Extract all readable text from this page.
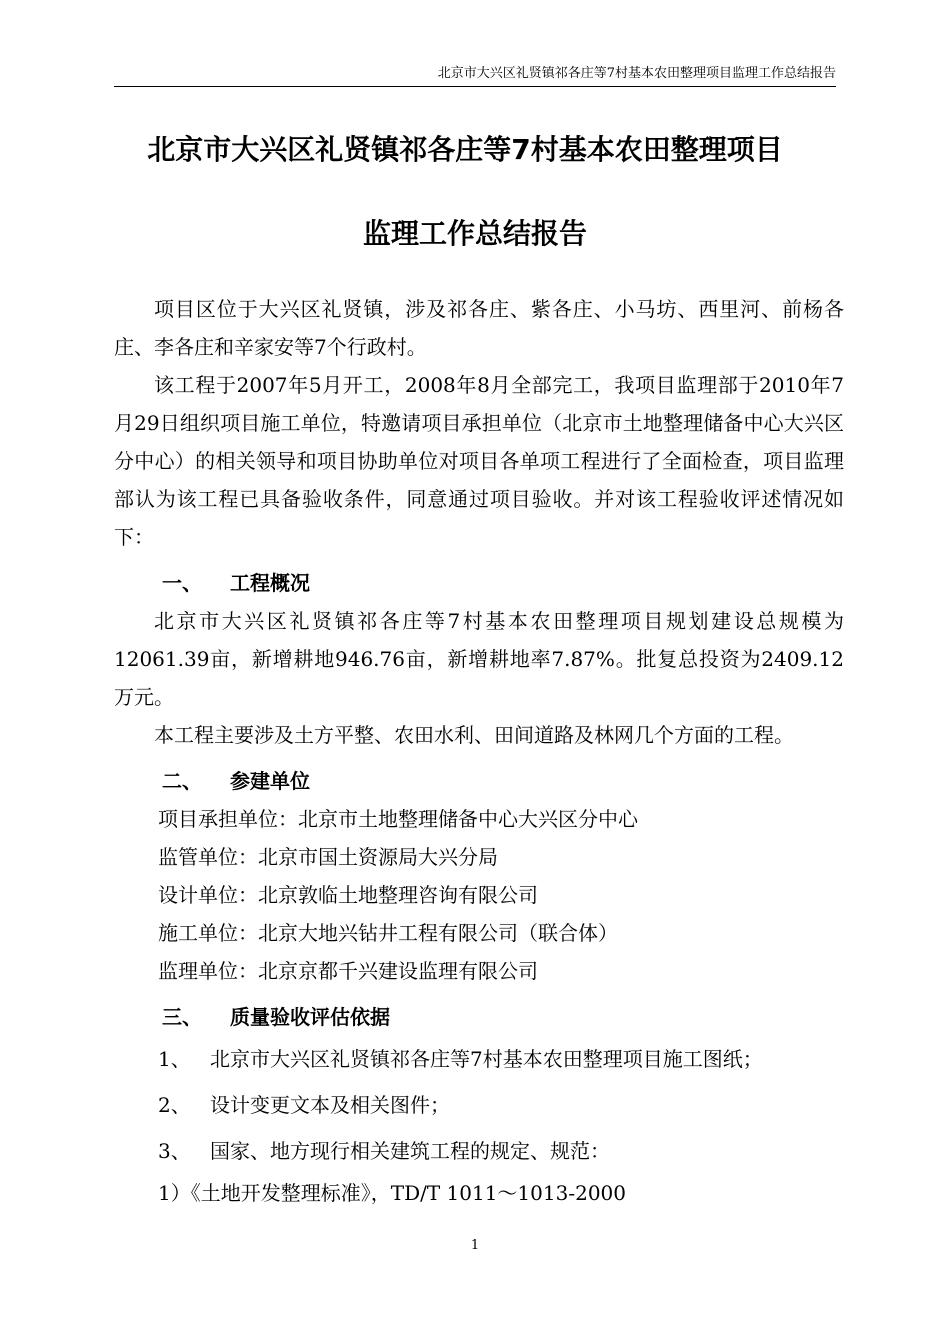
北京市大兴区礼贤镇祁各庄等7村基本农田整理项目监理工作总结报告
北京市大兴区礼贤镇祁各庄等7村基本农田整理项目
监理工作总结报告

项目区位于大兴区礼贤镇，涉及祁各庄、紫各庄、小马坊、西里河、前杨各庄、李各庄和辛家安等7个行政村。

该工程于2007年5月开工，2008年8月全部完工，我项目监理部于2010年7月29日组织项目施工单位，特邀请项目承担单位（北京市土地整理储备中心大兴区分中心）的相关领导和项目协助单位对项目各单项工程进行了全面检查，项目监理部认为该工程已具备验收条件，同意通过项目验收。并对该工程验收评述情况如下：

一、 工程概况

北京市大兴区礼贤镇祁各庄等7村基本农田整理项目规划建设总规模为12061.39亩，新增耕地946.76亩，新增耕地率7.87%。批复总投资为2409.12万元。

本工程主要涉及土方平整、农田水利、田间道路及林网几个方面的工程。

二、 参建单位

项目承担单位：北京市土地整理储备中心大兴区分中心

监管单位：北京市国土资源局大兴分局

设计单位：北京敦临土地整理咨询有限公司

施工单位：北京大地兴钻井工程有限公司（联合体）

监理单位：北京京都千兴建设监理有限公司

三、 质量验收评估依据

1、 北京市大兴区礼贤镇祁各庄等7村基本农田整理项目施工图纸；

2、 设计变更文本及相关图件；

3、 国家、地方现行相关建筑工程的规定、规范：

1）《土地开发整理标准》，TD/T 1011～1013-2000

1
